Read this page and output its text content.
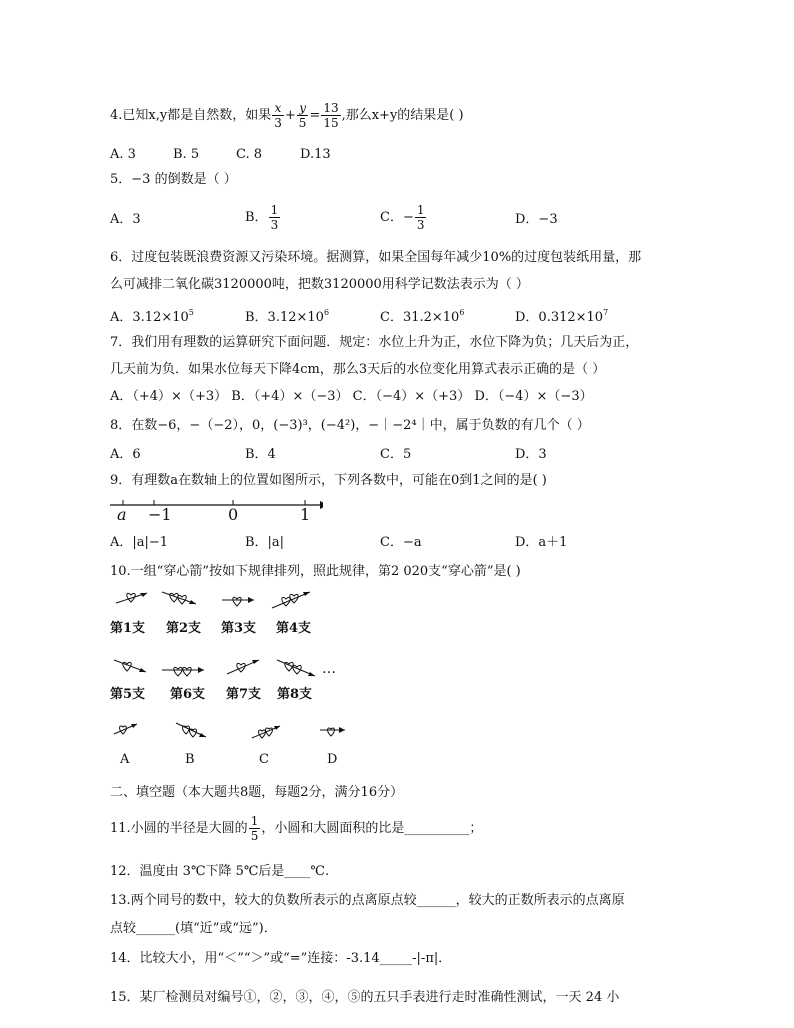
4.已知x,y都是自然数，如果 $\frac{x}{3} + \frac{y}{5} = \frac{13}{15}$ ,那么x+y的结果是( )
A. 3	B. 5	C. 8	D.13
5．−3 的倒数是（ ）
A．3	B． $\frac{1}{3}$	C．− $\frac{1}{3}$	D．−3
6．过度包装既浪费资源又污染环境。据测算，如果全国每年减少10%的过度包装纸用量，那
么可减排二氧化碳3120000吨，把数3120000用科学记数法表示为（ ）
A．$3.12\times 10^5$	B．$3.12\times 10^6$	C．$31.2\times 10^6$	D．$0.312\times 10^7$
7．我们用有理数的运算研究下面问题．规定：水位上升为正，水位下降为负；几天后为正，
几天前为负．如果水位每天下降4cm，那么3天后的水位变化用算式表示正确的是（ ）
A．（+4）×（+3） B．（+4）×（−3） C．（−4）×（+3） D．（−4）×（−3）
8．在数−6，−（−2），0，(−3)³，(−4²)，−｜−2⁴｜中，属于负数的有几个（ ）
A．6	B．4	C．5	D．3
9．有理数a在数轴上的位置如图所示，下列各数中，可能在0到1之间的是( )
a −1	0	1
A．|a|−1	B．|a|	C．−a	D．a＋1
10.一组“穿心箭”按如下规律排列，照此规律，第2 020支“穿心箭”是( )
第1支 第2支 第3支 第4支
…
第5支 第6支 第7支 第8支
A	B	C	D
二、填空题（本大题共8题，每题2分，满分16分）
11.小圆的半径是大圆的 $\frac{1}{5}$ ，小圆和大圆面积的比是__________；
12．温度由 3℃下降 5℃后是____℃.
13.两个同号的数中，较大的负数所表示的点离原点较______，较大的正数所表示的点离原
点较______(填“近”或“远”)．
14．比较大小，用“＜”“＞”或“=”连接：-3.14_____-|-π|．
15．某厂检测员对编号①，②，③，④，⑤的五只手表进行走时准确性测试，一天 24 小
